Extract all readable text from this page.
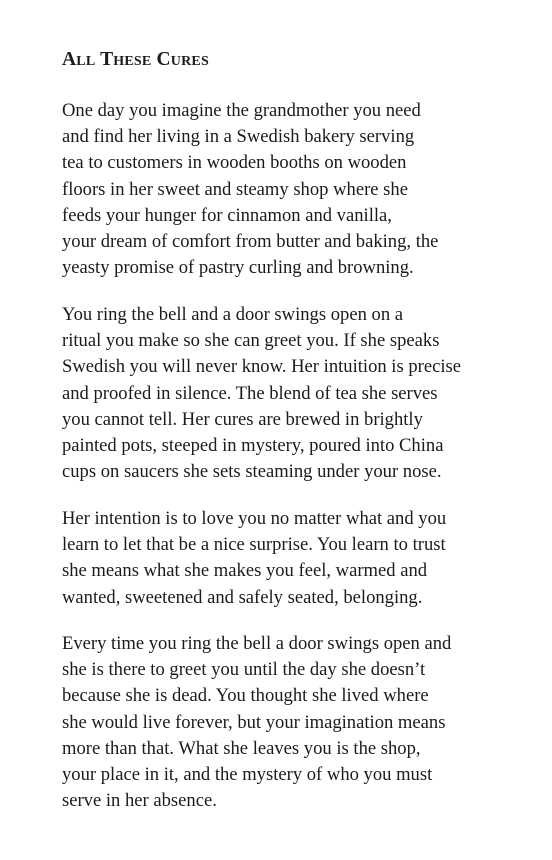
All These Cures
One day you imagine the grandmother you need
and find her living in a Swedish bakery serving
tea to customers in wooden booths on wooden
floors in her sweet and steamy shop where she
feeds your hunger for cinnamon and vanilla,
your dream of comfort from butter and baking, the
yeasty promise of pastry curling and browning.
You ring the bell and a door swings open on a
ritual you make so she can greet you. If she speaks
Swedish you will never know. Her intuition is precise
and proofed in silence. The blend of tea she serves
you cannot tell. Her cures are brewed in brightly
painted pots, steeped in mystery, poured into China
cups on saucers she sets steaming under your nose.
Her intention is to love you no matter what and you
learn to let that be a nice surprise. You learn to trust
she means what she makes you feel, warmed and
wanted, sweetened and safely seated, belonging.
Every time you ring the bell a door swings open and
she is there to greet you until the day she doesn’t
because she is dead. You thought she lived where
she would live forever, but your imagination means
more than that. What she leaves you is the shop,
your place in it, and the mystery of who you must
serve in her absence.
